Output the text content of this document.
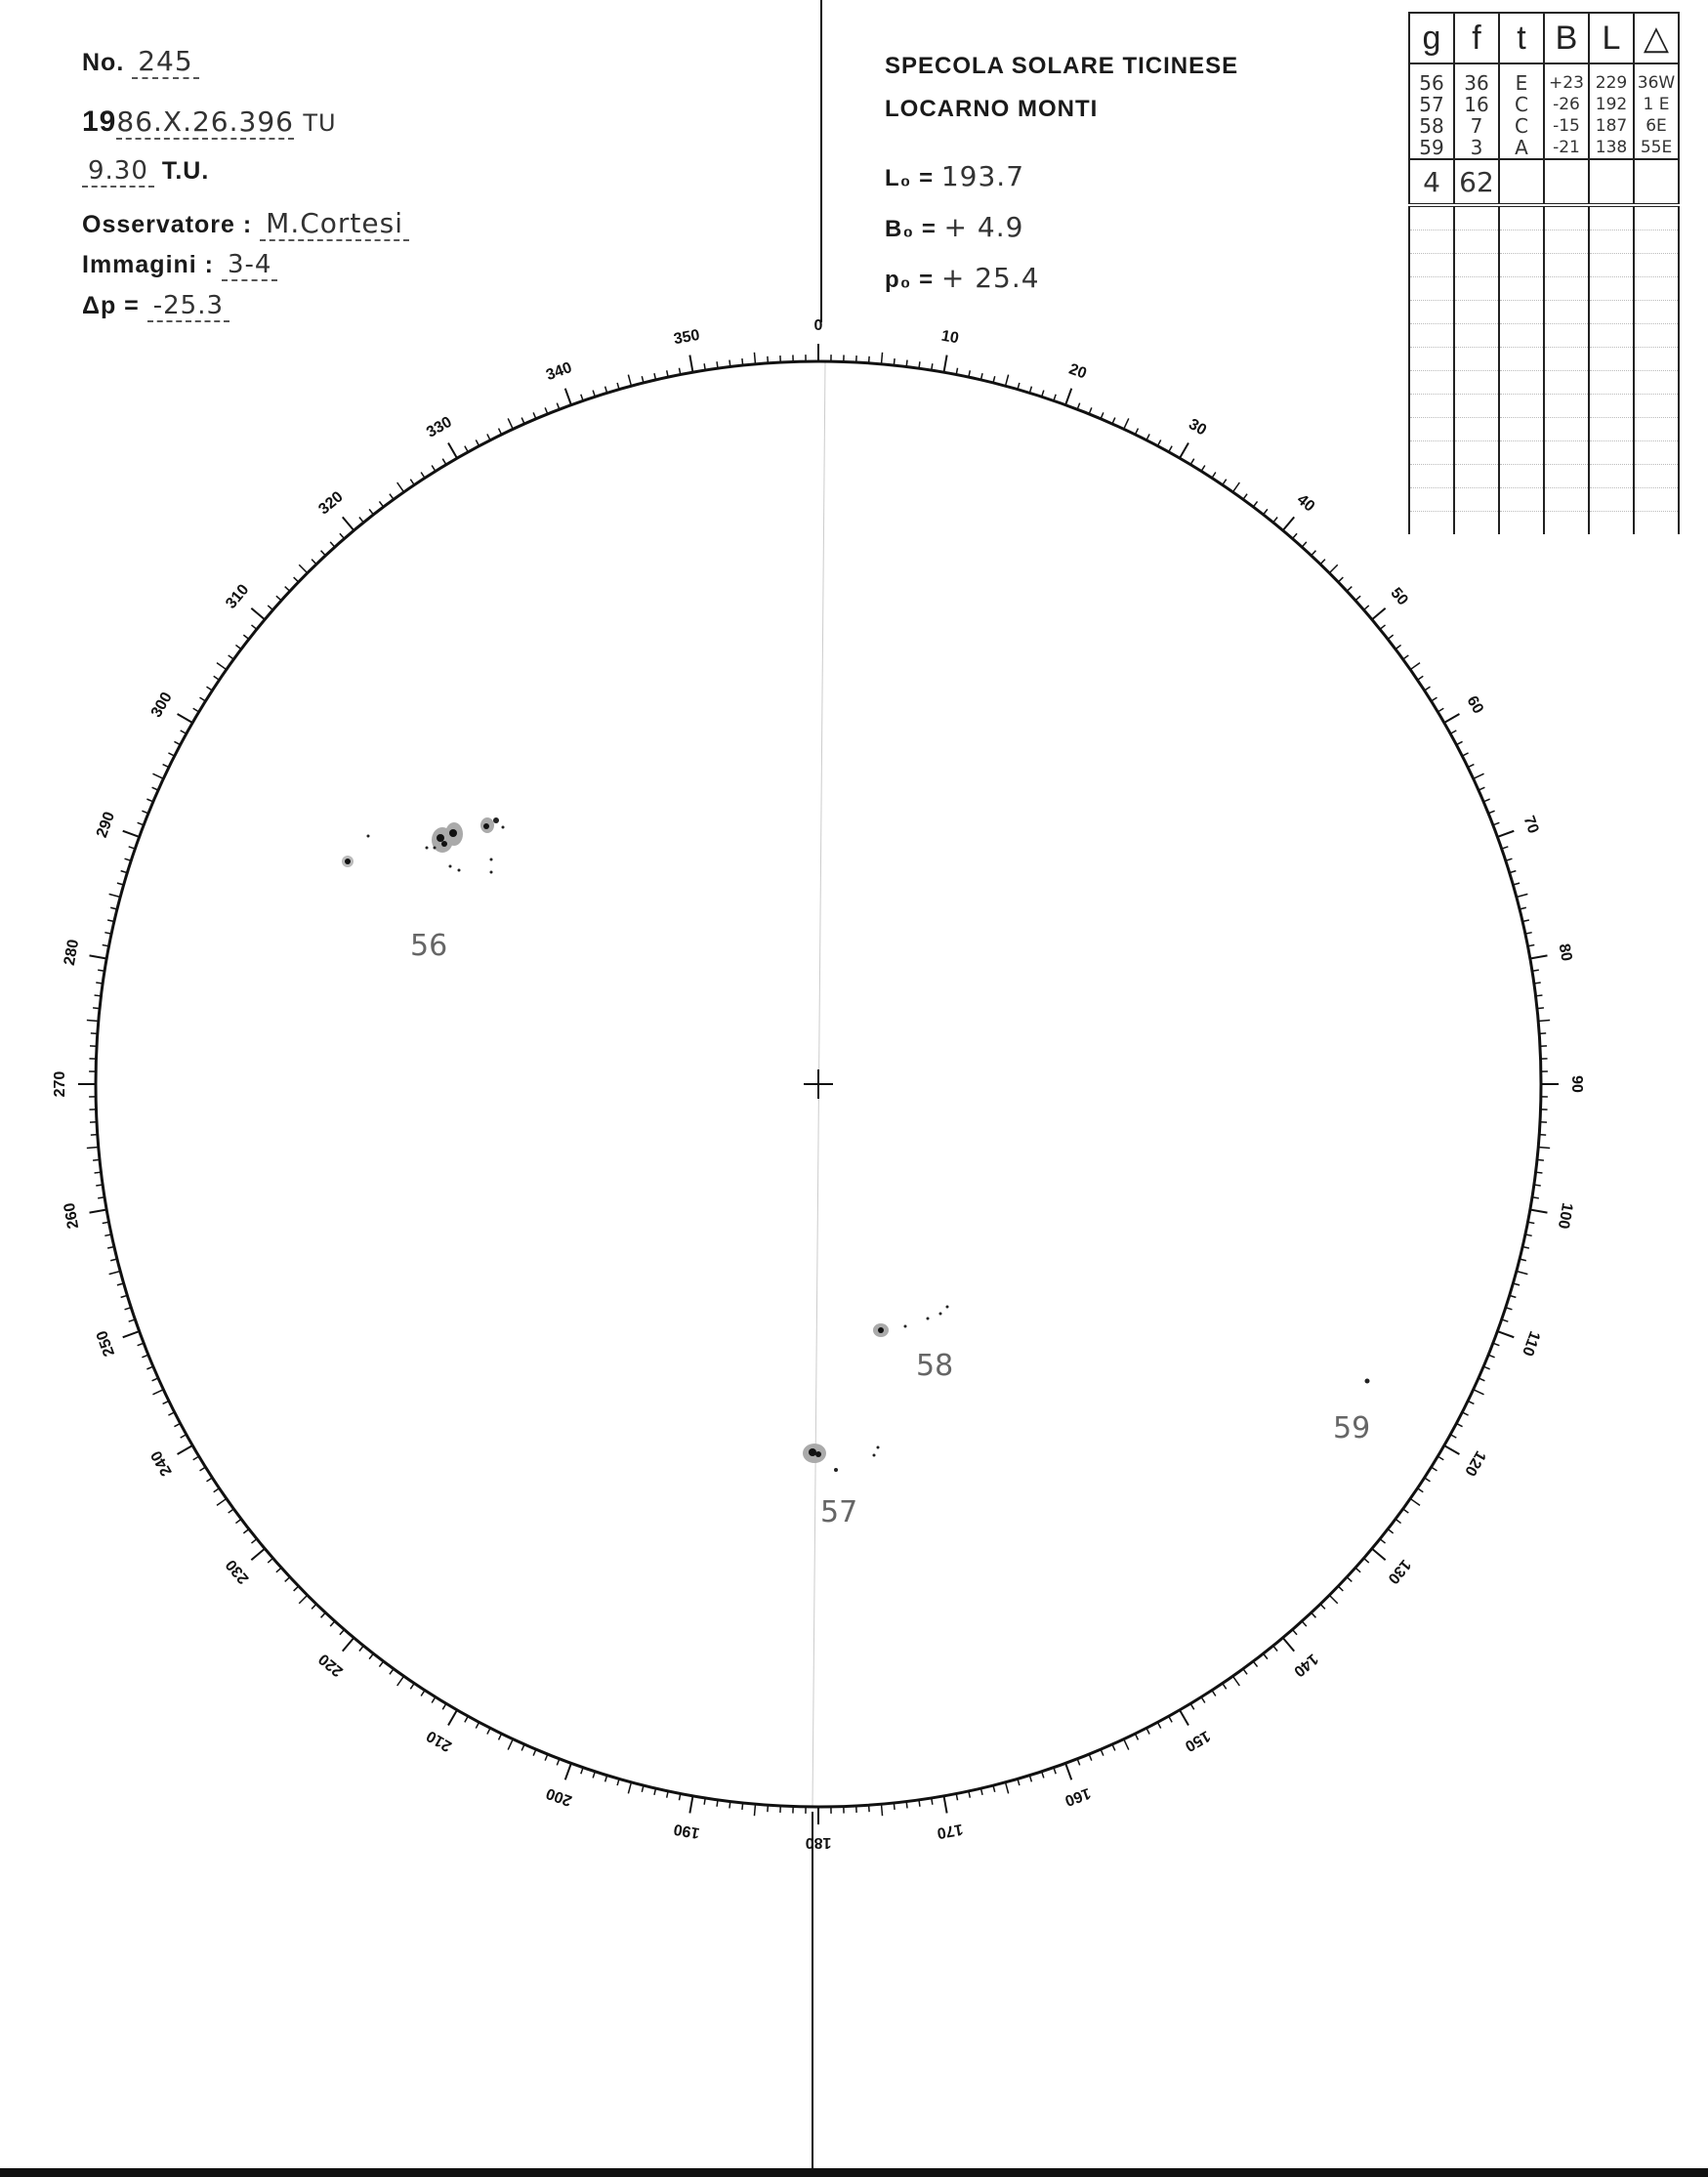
0
10
20
30
40
50
60
70
80
90
100
110
120
130
140
150
160
170
180
190
200
210
220
230
240
250
260
270
280
290
300
310
320
330
340
350
56
57
58
59
No. 245
1986.X.26.396 TU
9.30 T.U.
Osservatore : M.Cortesi
Immagini : 3-4
Δp = -25.3
SPECOLA SOLARE TICINESE
LOCARNO MONTI
L₀ = 193.7
B₀ = + 4.9
p₀ = + 25.4
g	f	t	B	L	△

56	36	E	+23	229	36W
57	16	C	-26	192	1 E
58	7	C	-15	187	6E
59	3	A	-21	138	55E
4	62				
